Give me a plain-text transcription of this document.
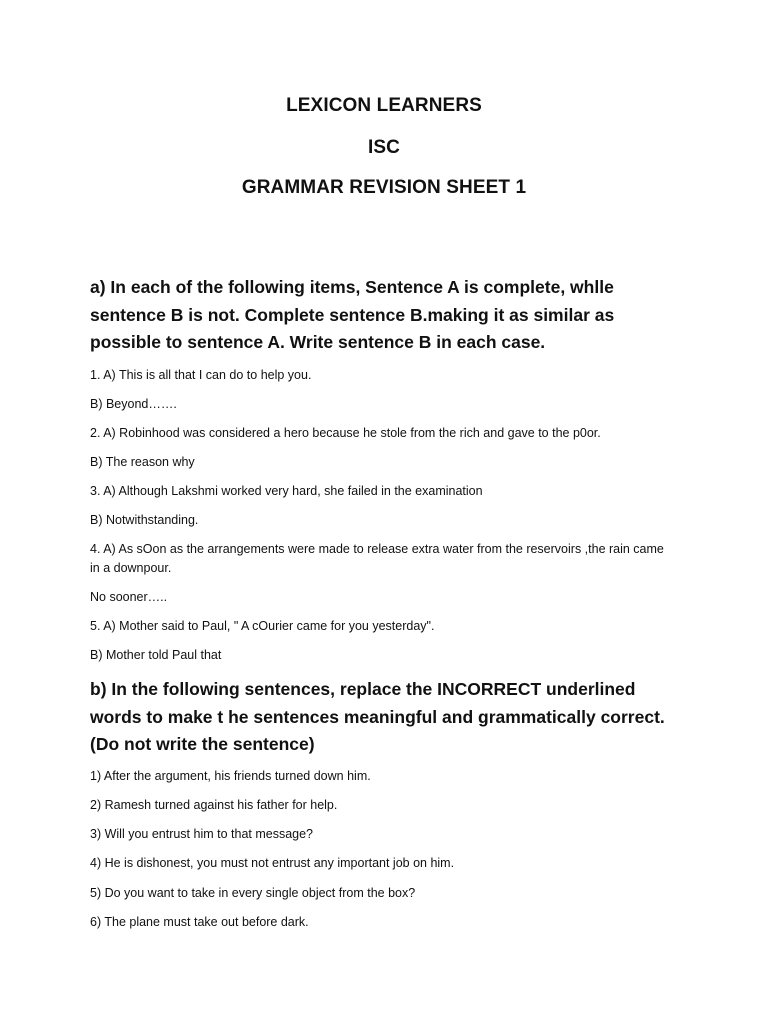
LEXICON LEARNERS
ISC
GRAMMAR REVISION SHEET 1

a) In each of the following items, Sentence A is complete, whlle sentence B is not. Complete sentence B.making it as similar as possible to sentence A. Write sentence B in each case.

1. A) This is all that I can do to help you.
B) Beyond…….
2. A) Robinhood was considered a hero because he stole from the rich and gave to the p0or.
B) The reason why
3. A) Although Lakshmi worked very hard, she failed in the examination
B) Notwithstanding.
4. A) As sOon as the arrangements were made to release extra water from the reservoirs ,the rain came in a downpour.
No sooner…..
5. A) Mother said to Paul, " A cOurier came for you yesterday".
B) Mother told Paul that

b) In the following sentences, replace the INCORRECT underlined words to make t he sentences meaningful and grammatically correct. (Do not write the sentence)

1) After the argument, his friends turned down him.
2) Ramesh turned against his father for help.
3) Will you entrust him to that message?
4) He is dishonest, you must not entrust any important job on him.
5) Do you want to take in every single object from the box?
6) The plane must take out before dark.
